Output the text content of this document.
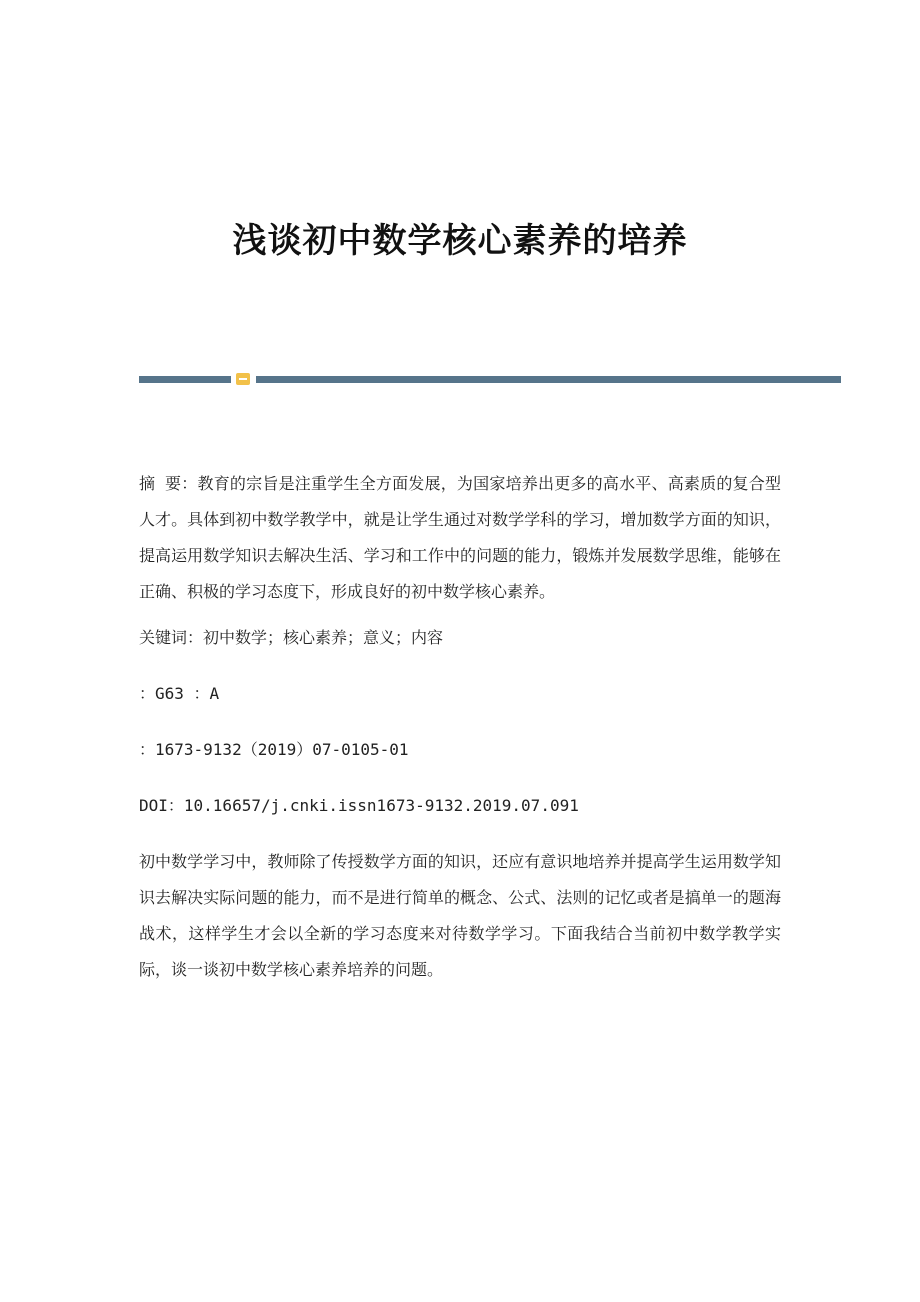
浅谈初中数学核心素养的培养

摘 要：教育的宗旨是注重学生全方面发展，为国家培养出更多的高水平、高素质的复合型人才。具体到初中数学教学中，就是让学生通过对数学学科的学习，增加数学方面的知识，提高运用数学知识去解决生活、学习和工作中的问题的能力，锻炼并发展数学思维，能够在正确、积极的学习态度下，形成良好的初中数学核心素养。

关键词：初中数学；核心素养；意义；内容

：G63 ：A

：1673-9132（2019）07-0105-01

DOI：10.16657/j.cnki.issn1673-9132.2019.07.091

初中数学学习中，教师除了传授数学方面的知识，还应有意识地培养并提高学生运用数学知识去解决实际问题的能力，而不是进行简单的概念、公式、法则的记忆或者是搞单一的题海战术，这样学生才会以全新的学习态度来对待数学学习。下面我结合当前初中数学教学实际，谈一谈初中数学核心素养培养的问题。
